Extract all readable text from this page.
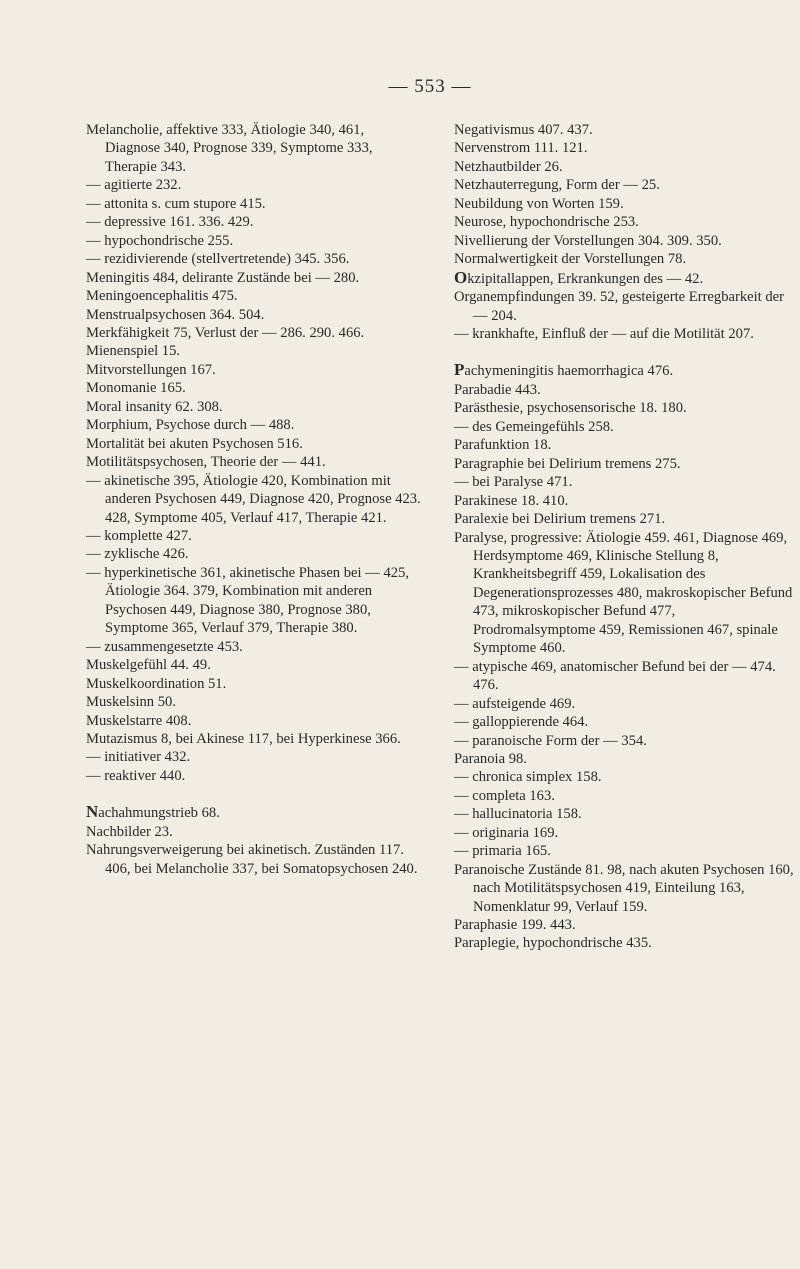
— 553 —
Melancholie, affektive 333, Ätiologie 340, 461, Diagnose 340, Prognose 339, Symptome 333, Therapie 343.
— agitierte 232.
— attonita s. cum stupore 415.
— depressive 161. 336. 429.
— hypochondrische 255.
— rezidivierende (stellvertretende) 345. 356.
Meningitis 484, delirante Zustände bei — 280.
Meningoencephalitis 475.
Menstrualpsychosen 364. 504.
Merkfähigkeit 75, Verlust der — 286. 290. 466.
Mienenspiel 15.
Mitvorstellungen 167.
Monomanie 165.
Moral insanity 62. 308.
Morphium, Psychose durch — 488.
Mortalität bei akuten Psychosen 516.
Motilitätspsychosen, Theorie der — 441.
— akinetische 395, Ätiologie 420, Kombination mit anderen Psychosen 449, Diagnose 420, Prognose 423. 428, Symptome 405, Verlauf 417, Therapie 421.
— komplette 427.
— zyklische 426.
— hyperkinetische 361, akinetische Phasen bei — 425, Ätiologie 364. 379, Kombination mit anderen Psychosen 449, Diagnose 380, Prognose 380, Symptome 365, Verlauf 379, Therapie 380.
— zusammengesetzte 453.
Muskelgefühl 44. 49.
Muskelkoordination 51.
Muskelsinn 50.
Muskelstarre 408.
Mutazismus 8, bei Akinese 117, bei Hyperkinese 366.
— initiativer 432.
— reaktiver 440.
Nachahmungstrieb 68.
Nachbilder 23.
Nahrungsverweigerung bei akinetisch. Zuständen 117. 406, bei Melancholie 337, bei Somatopsychosen 240.
Negativismus 407. 437.
Nervenstrom 111. 121.
Netzhautbilder 26.
Netzhauterregung, Form der — 25.
Neubildung von Worten 159.
Neurose, hypochondrische 253.
Nivellierung der Vorstellungen 304. 309. 350.
Normalwertigkeit der Vorstellungen 78.
Okzipitallappen, Erkrankungen des — 42.
Organempfindungen 39. 52, gesteigerte Erregbarkeit der — 204.
— krankhafte, Einfluß der — auf die Motilität 207.
Pachymeningitis haemorrhagica 476.
Parabadie 443.
Parästhesie, psychosensorische 18. 180.
— des Gemeingefühls 258.
Parafunktion 18.
Paragraphie bei Delirium tremens 275.
— bei Paralyse 471.
Parakinese 18. 410.
Paralexie bei Delirium tremens 271.
Paralyse, progressive: Ätiologie 459. 461, Diagnose 469, Herdsymptome 469, Klinische Stellung 8, Krankheitsbegriff 459, Lokalisation des Degenerationsprozesses 480, makroskopischer Befund 473, mikroskopischer Befund 477, Prodromalsymptome 459, Remissionen 467, spinale Symptome 460.
— atypische 469, anatomischer Befund bei der — 474. 476.
— aufsteigende 469.
— galloppierende 464.
— paranoische Form der — 354.
Paranoia 98.
— chronica simplex 158.
— completa 163.
— hallucinatoria 158.
— originaria 169.
— primaria 165.
Paranoische Zustände 81. 98, nach akuten Psychosen 160, nach Motilitätspsychosen 419, Einteilung 163, Nomenklatur 99, Verlauf 159.
Paraphasie 199. 443.
Paraplegie, hypochondrische 435.
